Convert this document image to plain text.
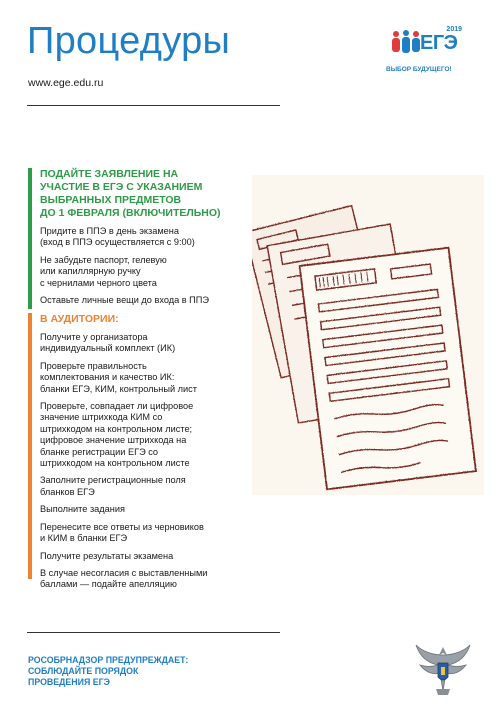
Процедуры
www.ege.edu.ru
2019
ЕГЭ
ВЫБОР БУДУЩЕГО!
ПОДАЙТЕ ЗАЯВЛЕНИЕ НА
УЧАСТИЕ В ЕГЭ С УКАЗАНИЕМ
ВЫБРАННЫХ ПРЕДМЕТОВ
ДО 1 ФЕВРАЛЯ (ВКЛЮЧИТЕЛЬНО)
Придите в ППЭ в день экзамена
(вход в ППЭ осуществляется с 9:00)
Не забудьте паспорт, гелевую
или капиллярную ручку
с чернилами черного цвета
Оставьте личные вещи до входа в ППЭ
В АУДИТОРИИ:
Получите у организатора
индивидуальный комплект (ИК)
Проверьте правильность
комплектования и качество ИК:
бланки ЕГЭ, КИМ, контрольный лист
Проверьте, совпадает ли цифровое
значение штрихкода КИМ со
штрихкодом на контрольном листе;
цифровое значение штрихкода на
бланке регистрации ЕГЭ со
штрихкодом на контрольном листе
Заполните регистрационные поля
бланков ЕГЭ
Выполните задания
Перенесите все ответы из черновиков
и КИМ в бланки ЕГЭ
Получите результаты экзамена
В случае несогласия с выставленными
баллами — подайте апелляцию
РОСОБРНАДЗОР ПРЕДУПРЕЖДАЕТ:
СОБЛЮДАЙТЕ ПОРЯДОК
ПРОВЕДЕНИЯ ЕГЭ
